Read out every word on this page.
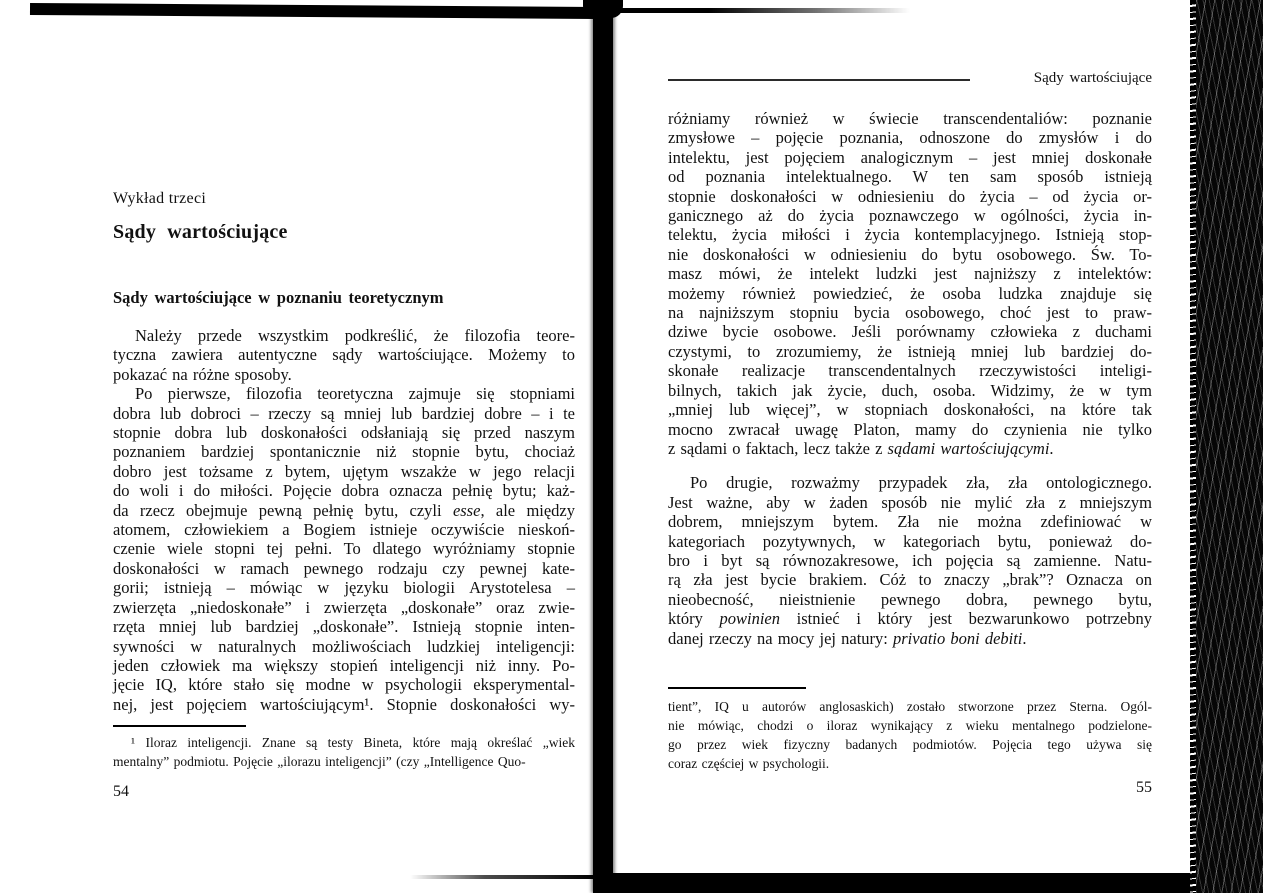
Wykład trzeci
Sądy wartościujące
Sądy wartościujące w poznaniu teoretycznym
Należy przede wszystkim podkreślić, że filozofia teore-
tyczna zawiera autentyczne sądy wartościujące. Możemy to
pokazać na różne sposoby.
Po pierwsze, filozofia teoretyczna zajmuje się stopniami
dobra lub dobroci – rzeczy są mniej lub bardziej dobre – i te
stopnie dobra lub doskonałości odsłaniają się przed naszym
poznaniem bardziej spontanicznie niż stopnie bytu, chociaż
dobro jest tożsame z bytem, ujętym wszakże w jego relacji
do woli i do miłości. Pojęcie dobra oznacza pełnię bytu; każ-
da rzecz obejmuje pewną pełnię bytu, czyli esse, ale między
atomem, człowiekiem a Bogiem istnieje oczywiście nieskoń-
czenie wiele stopni tej pełni. To dlatego wyróżniamy stopnie
doskonałości w ramach pewnego rodzaju czy pewnej kate-
gorii; istnieją – mówiąc w języku biologii Arystotelesa –
zwierzęta „niedoskonałe” i zwierzęta „doskonałe” oraz zwie-
rzęta mniej lub bardziej „doskonałe”. Istnieją stopnie inten-
sywności w naturalnych możliwościach ludzkiej inteligencji:
jeden człowiek ma większy stopień inteligencji niż inny. Po-
jęcie IQ, które stało się modne w psychologii eksperymental-
nej, jest pojęciem wartościującym¹. Stopnie doskonałości wy-
¹ Iloraz inteligencji. Znane są testy Bineta, które mają określać „wiek
mentalny” podmiotu. Pojęcie „ilorazu inteligencji” (czy „Intelligence Quo-
54
Sądy wartościujące
różniamy również w świecie transcendentaliów: poznanie
zmysłowe – pojęcie poznania, odnoszone do zmysłów i do
intelektu, jest pojęciem analogicznym – jest mniej doskonałe
od poznania intelektualnego. W ten sam sposób istnieją
stopnie doskonałości w odniesieniu do życia – od życia or-
ganicznego aż do życia poznawczego w ogólności, życia in-
telektu, życia miłości i życia kontemplacyjnego. Istnieją stop-
nie doskonałości w odniesieniu do bytu osobowego. Św. To-
masz mówi, że intelekt ludzki jest najniższy z intelektów:
możemy również powiedzieć, że osoba ludzka znajduje się
na najniższym stopniu bycia osobowego, choć jest to praw-
dziwe bycie osobowe. Jeśli porównamy człowieka z duchami
czystymi, to zrozumiemy, że istnieją mniej lub bardziej do-
skonałe realizacje transcendentalnych rzeczywistości inteligi-
bilnych, takich jak życie, duch, osoba. Widzimy, że w tym
„mniej lub więcej”, w stopniach doskonałości, na które tak
mocno zwracał uwagę Platon, mamy do czynienia nie tylko
z sądami o faktach, lecz także z sądami wartościującymi.
Po drugie, rozważmy przypadek zła, zła ontologicznego.
Jest ważne, aby w żaden sposób nie mylić zła z mniejszym
dobrem, mniejszym bytem. Zła nie można zdefiniować w
kategoriach pozytywnych, w kategoriach bytu, ponieważ do-
bro i byt są równozakresowe, ich pojęcia są zamienne. Natu-
rą zła jest bycie brakiem. Cóż to znaczy „brak”? Oznacza on
nieobecność, nieistnienie pewnego dobra, pewnego bytu,
który powinien istnieć i który jest bezwarunkowo potrzebny
danej rzeczy na mocy jej natury: privatio boni debiti.
tient”, IQ u autorów anglosaskich) zostało stworzone przez Sterna. Ogól-
nie mówiąc, chodzi o iloraz wynikający z wieku mentalnego podzielone-
go przez wiek fizyczny badanych podmiotów. Pojęcia tego używa się
coraz częściej w psychologii.
55
